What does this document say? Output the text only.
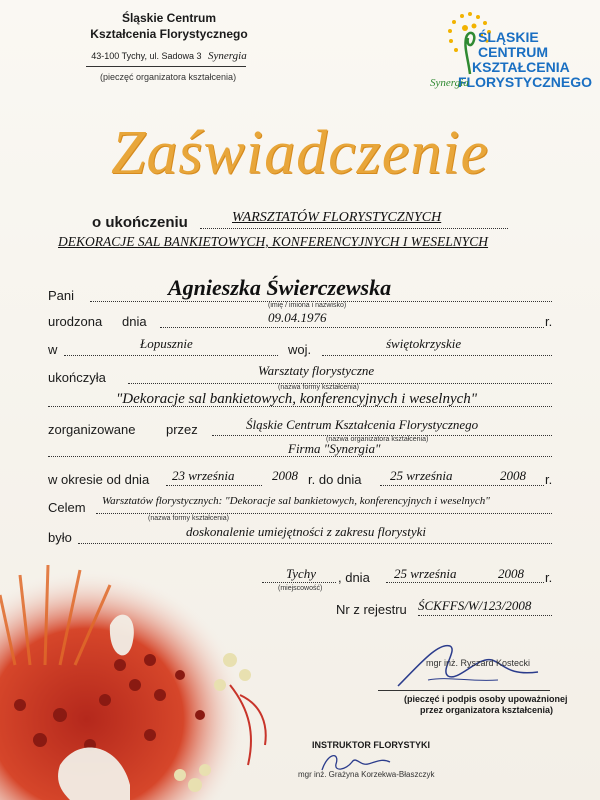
Śląskie Centrum
Kształcenia Florystycznego
43-100 Tychy, ul. Sadowa 3 Synergia
(pieczęć organizatora kształcenia)
ŚLĄSKIE
CENTRUM
KSZTAŁCENIA
FLORYSTYCZNEGO
Synergia
Zaświadczenie
o ukończeniu	WARSZTATÓW FLORYSTYCZNYCH
DEKORACJE SAL BANKIETOWYCH, KONFERENCYJNYCH I WESELNYCH
Pani	Agnieszka Świerczewska
(imię / imiona i nazwisko)
urodzona dnia	09.04.1976	r.
w	Łopusznie	woj.	świętokrzyskie
ukończyła	Warsztaty florystyczne
(nazwa formy kształcenia)
"Dekoracje sal bankietowych, konferencyjnych i weselnych"
zorganizowane przez	Śląskie Centrum Kształcenia Florystycznego
(nazwa organizatora kształcenia)
Firma "Synergia"
w okresie od dnia 23 września	2008 r. do dnia 25 września	2008 r.
Celem Warsztatów florystycznych: "Dekoracje sal bankietowych, konferencyjnych i weselnych"
(nazwa formy kształcenia)
było	doskonalenie umiejętności z zakresu florystyki
Tychy
(miejscowość)
, dnia 25 września	2008 r.
Nr z rejestru ŚCKFFS/W/123/2008
mgr inż. Ryszard Kostecki
(pieczęć i podpis osoby upoważnionej
przez organizatora kształcenia)
INSTRUKTOR FLORYSTYKI
mgr inż. Grażyna Korzekwa-Błaszczyk
